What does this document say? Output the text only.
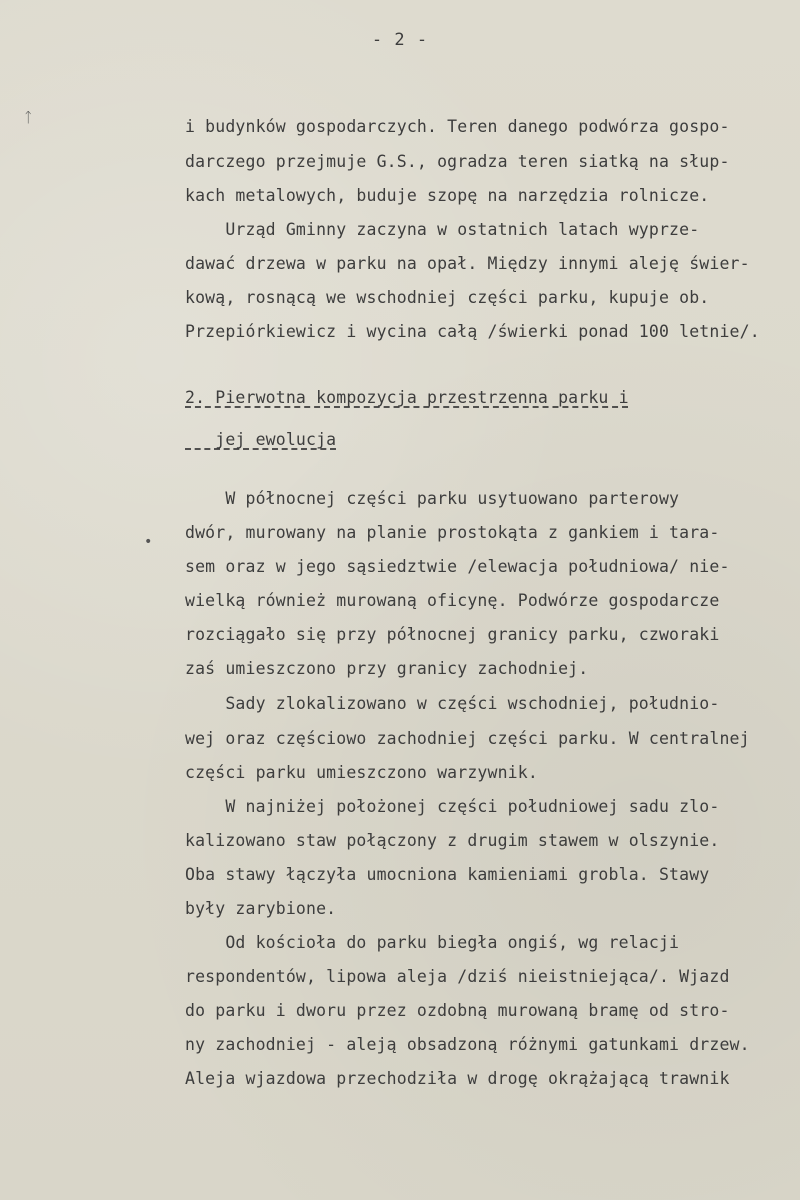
- 2 -
i budynków gospodarczych. Teren danego podwórza gospo-
darczego przejmuje G.S., ogradza teren siatką na słup-
kach metalowych, buduje szopę na narzędzia rolnicze.
Urząd Gminny zaczyna w ostatnich latach wyprze-
dawać drzewa w parku na opał. Między innymi aleję świer-
kową, rosnącą we wschodniej części parku, kupuje ob.
Przepiórkiewicz i wycina całą /świerki ponad 100 letnie/.
2. Pierwotna kompozycja przestrzenna parku i
jej ewolucja
W północnej części parku usytuowano parterowy
dwór, murowany na planie prostokąta z gankiem i tara-
sem oraz w jego sąsiedztwie /elewacja południowa/ nie-
wielką również murowaną oficynę. Podwórze gospodarcze
rozciągało się przy północnej granicy parku, czworaki
zaś umieszczono przy granicy zachodniej.
Sady zlokalizowano w części wschodniej, południo-
wej oraz częściowo zachodniej części parku. W centralnej
części parku umieszczono warzywnik.
W najniżej położonej części południowej sadu zlo-
kalizowano staw połączony z drugim stawem w olszynie.
Oba stawy łączyła umocniona kamieniami grobla. Stawy
były zarybione.
Od kościoła do parku biegła ongiś, wg relacji
respondentów, lipowa aleja /dziś nieistniejąca/. Wjazd
do parku i dworu przez ozdobną murowaną bramę od stro-
ny zachodniej - aleją obsadzoną różnymi gatunkami drzew.
Aleja wjazdowa przechodziła w drogę okrążającą trawnik
ᛏ
•
